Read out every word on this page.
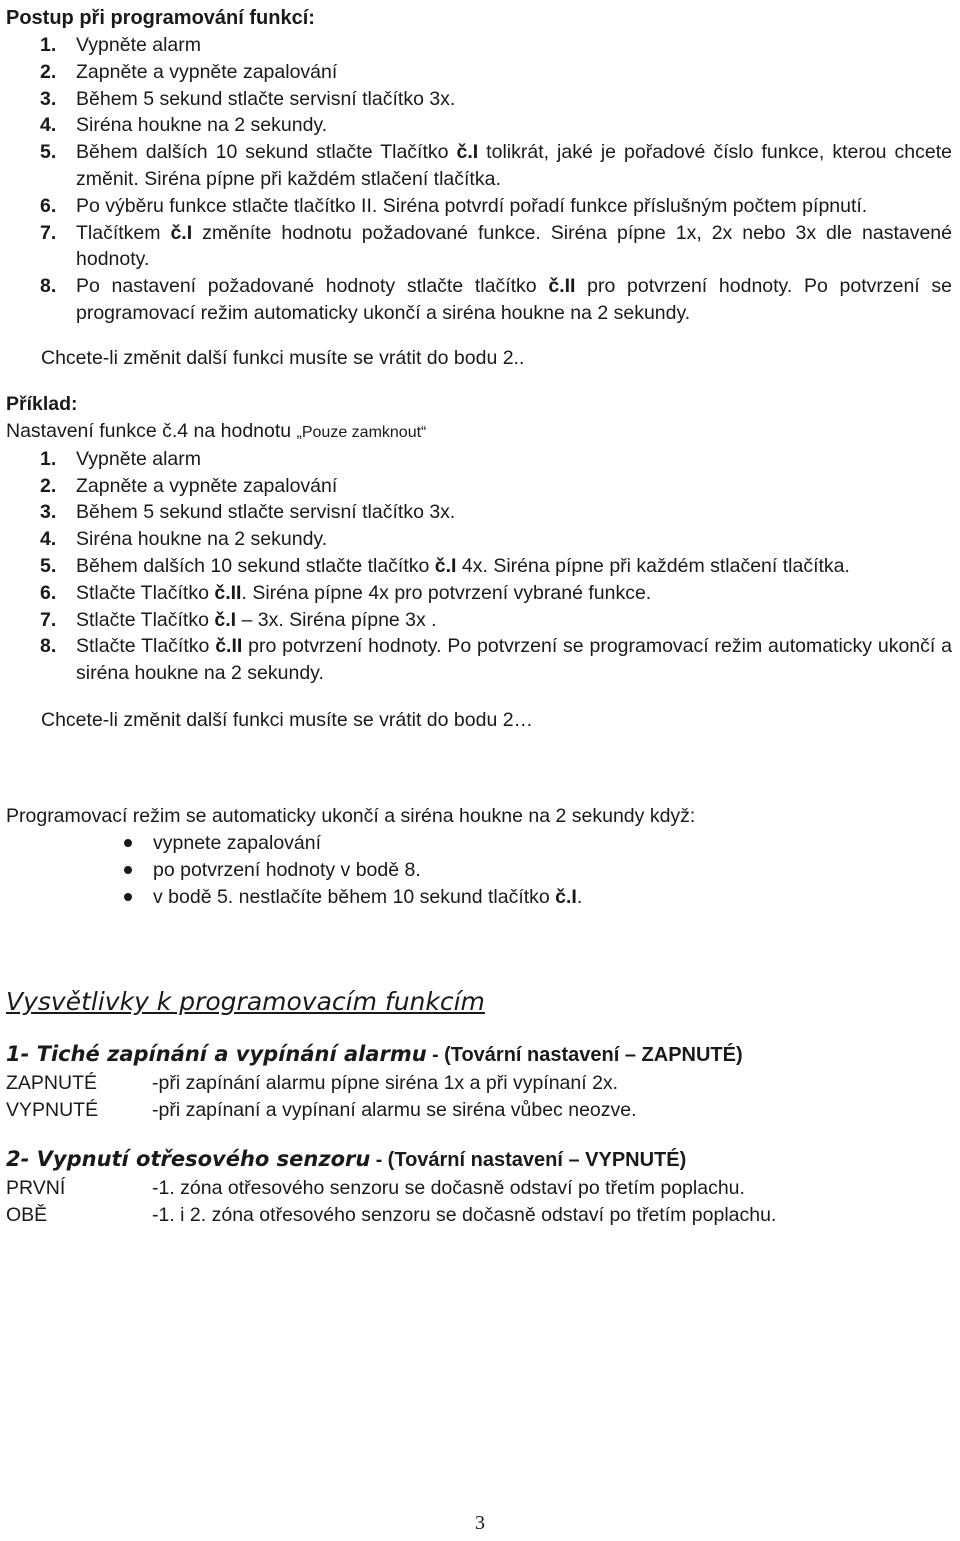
Postup při programování funkcí:
1.	Vypněte alarm
2.	Zapněte a vypněte zapalování
3.	Během 5 sekund stlačte servisní tlačítko 3x.
4.	Siréna houkne na 2 sekundy.
5.	Během dalších 10 sekund stlačte Tlačítko č.I tolikrát, jaké je pořadové číslo funkce, kterou chcete změnit. Siréna pípne při každém stlačení tlačítka.
6.	Po výběru funkce stlačte tlačítko II. Siréna potvrdí pořadí funkce příslušným počtem pípnutí.
7.	Tlačítkem č.I změníte hodnotu požadované funkce. Siréna pípne 1x, 2x nebo 3x dle nastavené hodnoty.
8.	Po nastavení požadované hodnoty stlačte tlačítko č.II pro potvrzení hodnoty. Po potvrzení se programovací režim automaticky ukončí a siréna houkne na 2 sekundy.
Chcete-li změnit další funkci musíte se vrátit do bodu 2..
Příklad:
Nastavení funkce č.4 na hodnotu „Pouze zamknout“
1.	Vypněte alarm
2.	Zapněte a vypněte zapalování
3.	Během 5 sekund stlačte servisní tlačítko 3x.
4.	Siréna houkne na 2 sekundy.
5.	Během dalších 10 sekund stlačte tlačítko č.I 4x. Siréna pípne při každém stlačení tlačítka.
6.	Stlačte Tlačítko č.II. Siréna pípne 4x pro potvrzení vybrané funkce.
7.	Stlačte Tlačítko č.I – 3x. Siréna pípne 3x .
8.	Stlačte Tlačítko č.II pro potvrzení hodnoty. Po potvrzení se programovací režim automaticky ukončí a siréna houkne na 2 sekundy.
Chcete-li změnit další funkci musíte se vrátit do bodu 2…
Programovací režim se automaticky ukončí a siréna houkne na 2 sekundy když:
vypnete zapalování
po potvrzení hodnoty v bodě 8.
v bodě 5. nestlačíte během 10 sekund tlačítko č.I.
Vysvětlivky k programovacím funkcím
1- Tiché zapínání a vypínání alarmu - (Tovární nastavení – ZAPNUTÉ)
ZAPNUTÉ	-při zapínání alarmu pípne siréna 1x a při vypínaní 2x.
VYPNUTÉ	-při zapínaní a vypínaní alarmu se siréna vůbec neozve.
2- Vypnutí otřesového senzoru - (Tovární nastavení – VYPNUTÉ)
PRVNÍ	-1. zóna otřesového senzoru se dočasně odstaví po třetím poplachu.
OBĚ	-1. i 2. zóna otřesového senzoru se dočasně odstaví po třetím poplachu.
3
